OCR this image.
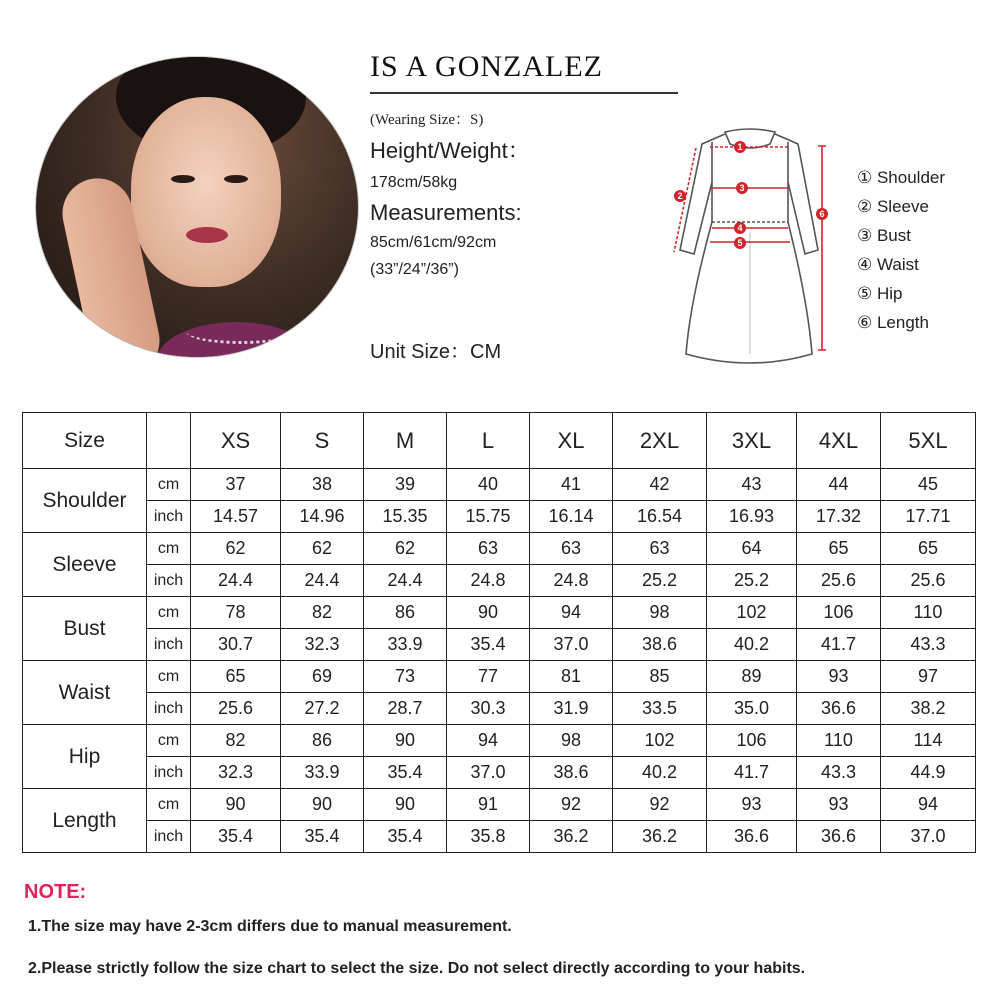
IS A GONZALEZ
(Wearing Size：S)
Height/Weight：
178cm/58kg
Measurements:
85cm/61cm/92cm
(33”/24”/36”)
Unit Size：CM
1
2
3
4
5
6
① Shoulder
② Sleeve
③ Bust
④ Waist
⑤ Hip
⑥ Length
Size		XS	S	M	L	XL	2XL	3XL	4XL	5XL
Shoulder	cm	37	38	39	40	41	42	43	44	45
	inch	14.57	14.96	15.35	15.75	16.14	16.54	16.93	17.32	17.71
Sleeve	cm	62	62	62	63	63	63	64	65	65
	inch	24.4	24.4	24.4	24.8	24.8	25.2	25.2	25.6	25.6
Bust	cm	78	82	86	90	94	98	102	106	110
	inch	30.7	32.3	33.9	35.4	37.0	38.6	40.2	41.7	43.3
Waist	cm	65	69	73	77	81	85	89	93	97
	inch	25.6	27.2	28.7	30.3	31.9	33.5	35.0	36.6	38.2
Hip	cm	82	86	90	94	98	102	106	110	114
	inch	32.3	33.9	35.4	37.0	38.6	40.2	41.7	43.3	44.9
Length	cm	90	90	90	91	92	92	93	93	94
	inch	35.4	35.4	35.4	35.8	36.2	36.2	36.6	36.6	37.0
NOTE:
1.The size may have 2-3cm differs due to manual measurement.
2.Please strictly follow the size chart to select the size. Do not select directly according to your habits.
